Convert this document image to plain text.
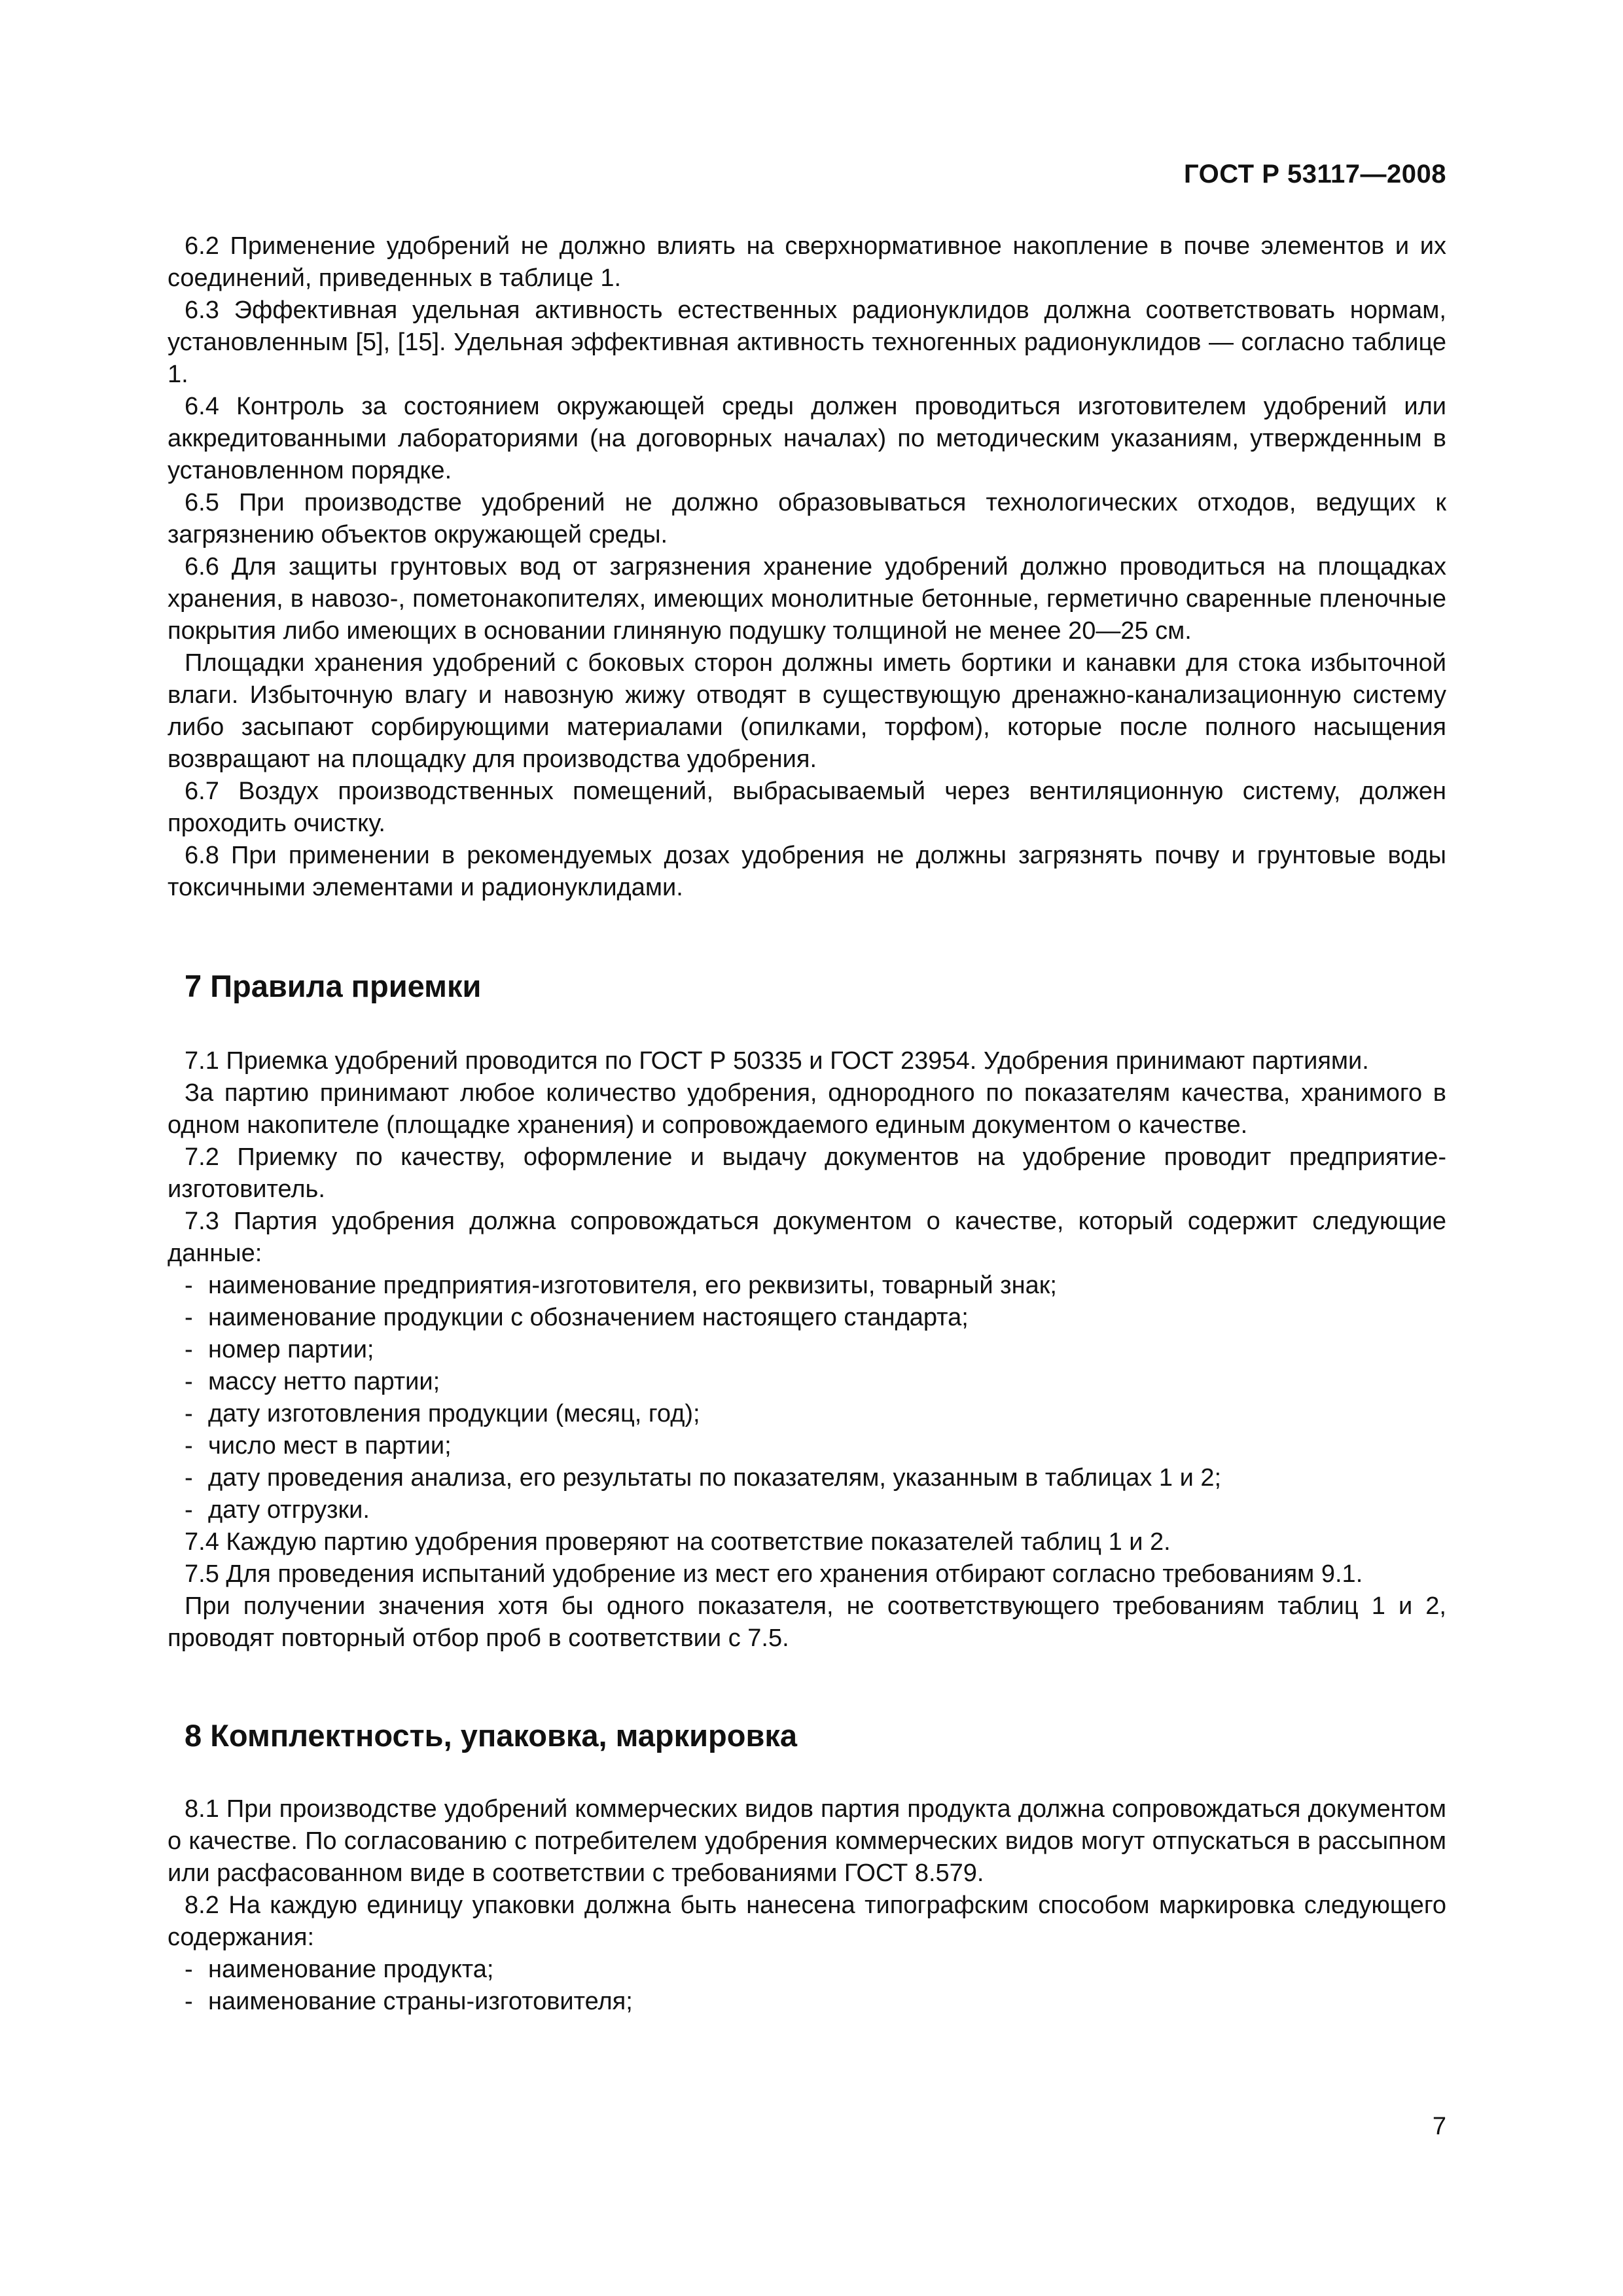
ГОСТ Р 53117—2008

6.2 Применение удобрений не должно влиять на сверхнормативное накопление в почве элементов и их соединений, приведенных в таблице 1.

6.3 Эффективная удельная активность естественных радионуклидов должна соответствовать нормам, установленным [5], [15]. Удельная эффективная активность техногенных радионуклидов — согласно таблице 1.

6.4 Контроль за состоянием окружающей среды должен проводиться изготовителем удобрений или аккредитованными лабораториями (на договорных началах) по методическим указаниям, утвержденным в установленном порядке.

6.5 При производстве удобрений не должно образовываться технологических отходов, ведущих к загрязнению объектов окружающей среды.

6.6 Для защиты грунтовых вод от загрязнения хранение удобрений должно проводиться на площадках хранения, в навозо-, пометонакопителях, имеющих монолитные бетонные, герметично сваренные пленочные покрытия либо имеющих в основании глиняную подушку толщиной не менее 20—25 см.

Площадки хранения удобрений с боковых сторон должны иметь бортики и канавки для стока избыточной влаги. Избыточную влагу и навозную жижу отводят в существующую дренажно-канализационную систему либо засыпают сорбирующими материалами (опилками, торфом), которые после полного насыщения возвращают на площадку для производства удобрения.

6.7 Воздух производственных помещений, выбрасываемый через вентиляционную систему, должен проходить очистку.

6.8 При применении в рекомендуемых дозах удобрения не должны загрязнять почву и грунтовые воды токсичными элементами и радионуклидами.

7 Правила приемки

7.1 Приемка удобрений проводится по ГОСТ Р 50335 и ГОСТ 23954. Удобрения принимают партиями.

За партию принимают любое количество удобрения, однородного по показателям качества, хранимого в одном накопителе (площадке хранения) и сопровождаемого единым документом о качестве.

7.2 Приемку по качеству, оформление и выдачу документов на удобрение проводит предприятие-изготовитель.

7.3 Партия удобрения должна сопровождаться документом о качестве, который содержит следующие данные:

- наименование предприятия-изготовителя, его реквизиты, товарный знак;
- наименование продукции с обозначением настоящего стандарта;
- номер партии;
- массу нетто партии;
- дату изготовления продукции (месяц, год);
- число мест в партии;
- дату проведения анализа, его результаты по показателям, указанным в таблицах 1 и 2;
- дату отгрузки.

7.4 Каждую партию удобрения проверяют на соответствие показателей таблиц 1 и 2.

7.5 Для проведения испытаний удобрение из мест его хранения отбирают согласно требованиям 9.1.

При получении значения хотя бы одного показателя, не соответствующего требованиям таблиц 1 и 2, проводят повторный отбор проб в соответствии с 7.5.

8 Комплектность, упаковка, маркировка

8.1 При производстве удобрений коммерческих видов партия продукта должна сопровождаться документом о качестве. По согласованию с потребителем удобрения коммерческих видов могут отпускаться в рассыпном или расфасованном виде в соответствии с требованиями ГОСТ 8.579.

8.2 На каждую единицу упаковки должна быть нанесена типографским способом маркировка следующего содержания:

- наименование продукта;
- наименование страны-изготовителя;
7
